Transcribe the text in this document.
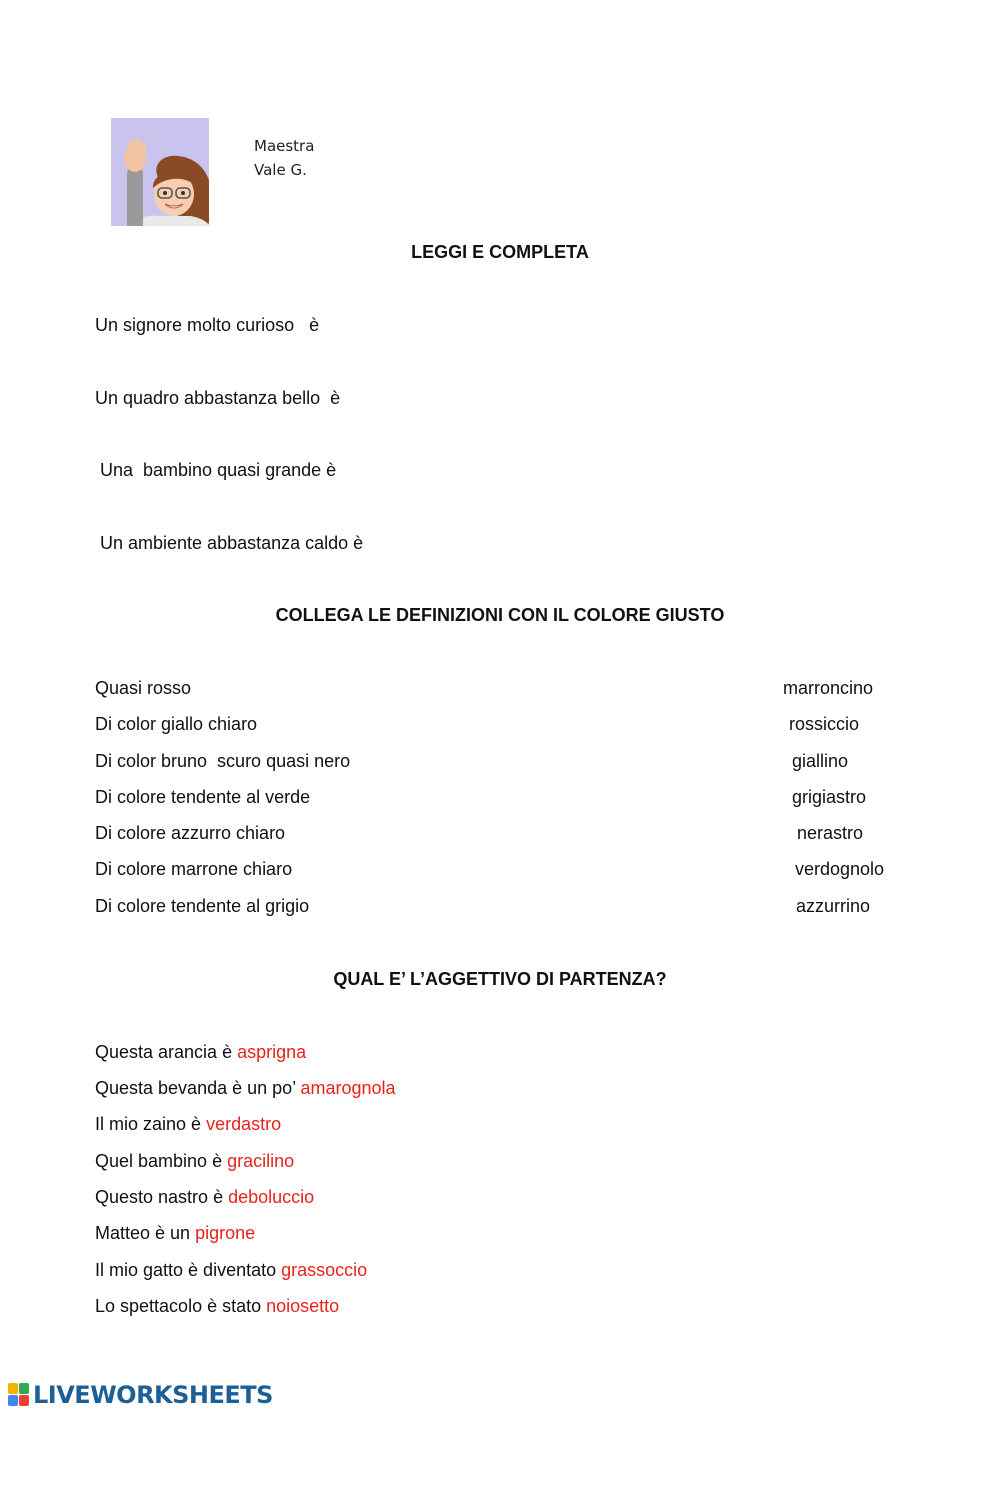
Maestra
Vale G.
LEGGI E COMPLETA
Un signore molto curioso   è
Un quadro abbastanza bello  è
Una  bambino quasi grande è
Un ambiente abbastanza caldo è
COLLEGA LE DEFINIZIONI CON IL COLORE GIUSTO
Quasi rosso
Di color giallo chiaro
Di color bruno  scuro quasi nero
Di colore tendente al verde
Di colore azzurro chiaro
Di colore marrone chiaro
Di colore tendente al grigio
marroncino
rossiccio
giallino
grigiastro
nerastro
verdognolo
azzurrino
QUAL E’ L’AGGETTIVO DI PARTENZA?
Questa arancia è asprigna
Questa bevanda è un po’ amarognola
Il mio zaino è verdastro
Quel bambino è gracilino
Questo nastro è deboluccio
Matteo è un pigrone
Il mio gatto è diventato grassoccio
Lo spettacolo è stato noiosetto

LIVEWORKSHEETS
